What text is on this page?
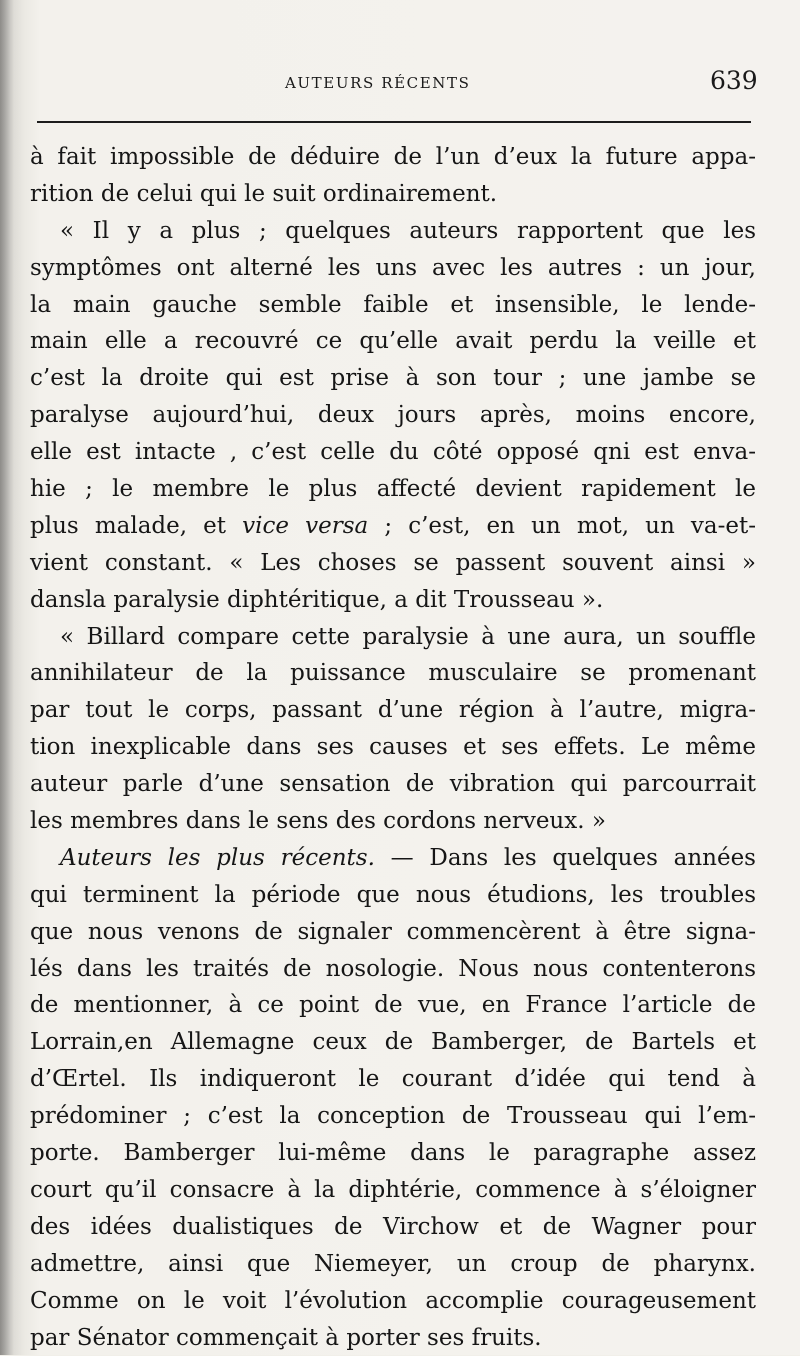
AUTEURS RÉCENTS	639
à fait impossible de déduire de l’un d’eux la future appa-
rition de celui qui le suit ordinairement.
« Il y a plus ; quelques auteurs rapportent que les
symptômes ont alterné les uns avec les autres : un jour,
la main gauche semble faible et insensible, le lende-
main elle a recouvré ce qu’elle avait perdu la veille et
c’est la droite qui est prise à son tour ; une jambe se
paralyse aujourd’hui, deux jours après, moins encore,
elle est intacte , c’est celle du côté opposé qni est enva-
hie ; le membre le plus affecté devient rapidement le
plus malade, et vice versa ; c’est, en un mot, un va-et-
vient constant. « Les choses se passent souvent ainsi »
dansla paralysie diphtéritique, a dit Trousseau ».
« Billard compare cette paralysie à une aura, un souffle
annihilateur de la puissance musculaire se promenant
par tout le corps, passant d’une région à l’autre, migra-
tion inexplicable dans ses causes et ses effets. Le même
auteur parle d’une sensation de vibration qui parcourrait
les membres dans le sens des cordons nerveux. »
Auteurs les plus récents. — Dans les quelques années
qui terminent la période que nous étudions, les troubles
que nous venons de signaler commencèrent à être signa-
lés dans les traités de nosologie. Nous nous contenterons
de mentionner, à ce point de vue, en France l’article de
Lorrain,en Allemagne ceux de Bamberger, de Bartels et
d’Œrtel. Ils indiqueront le courant d’idée qui tend à
prédominer ; c’est la conception de Trousseau qui l’em-
porte. Bamberger lui-même dans le paragraphe assez
court qu’il consacre à la diphtérie, commence à s’éloigner
des idées dualistiques de Virchow et de Wagner pour
admettre, ainsi que Niemeyer, un croup de pharynx.
Comme on le voit l’évolution accomplie courageusement
par Sénator commençait à porter ses fruits.
